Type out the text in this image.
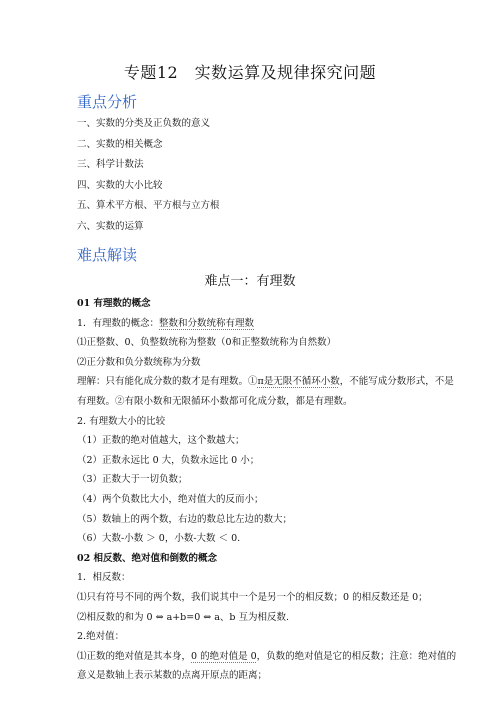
专题12　实数运算及规律探究问题
重点分析
一、实数的分类及正负数的意义
二、实数的相关概念
三、科学计数法
四、实数的大小比较
五、算术平方根、平方根与立方根
六、实数的运算
难点解读
难点一：有理数
01 有理数的概念
1．有理数的概念：整数和分数统称有理数
⑴正整数、0、负整数统称为整数（0和正整数统称为自然数）
⑵正分数和负分数统称为分数
理解：只有能化成分数的数才是有理数。①π是无限不循环小数，不能写成分数形式，不是
有理数。②有限小数和无限循环小数都可化成分数，都是有理数。
2. 有理数大小的比较
（1）正数的绝对值越大，这个数越大；
（2）正数永远比 0 大，负数永远比 0 小；
（3）正数大于一切负数；
（4）两个负数比大小，绝对值大的反而小；
（5）数轴上的两个数，右边的数总比左边的数大；
（6）大数-小数 ＞ 0，小数-大数 ＜ 0.
02 相反数、绝对值和倒数的概念
1．相反数：
⑴只有符号不同的两个数，我们说其中一个是另一个的相反数；0 的相反数还是 0；
⑵相反数的和为 0 ⇔ a+b=0 ⇔ a、b 互为相反数.
2.绝对值：
⑴正数的绝对值是其本身，0 的绝对值是 0，负数的绝对值是它的相反数；注意：绝对值的
意义是数轴上表示某数的点离开原点的距离；
